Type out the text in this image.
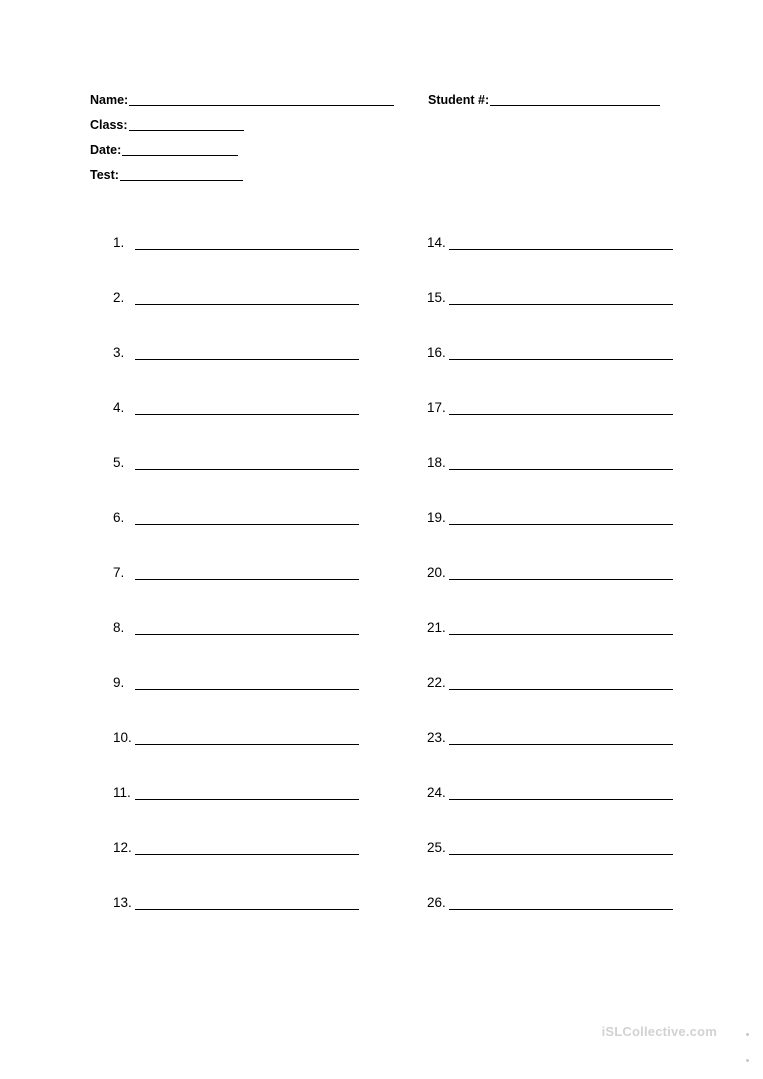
Name:	Student #:
Class:
Date:
Test:
1.
2.
3.
4.
5.
6.
7.
8.
9.
10.
11.
12.
13.
14.
15.
16.
17.
18.
19.
20.
21.
22.
23.
24.
25.
26.
iSLCollective.com
